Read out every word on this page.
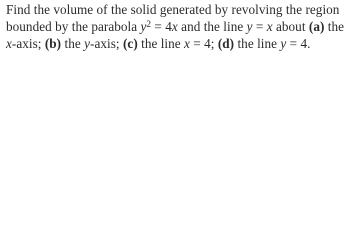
Find the volume of the solid generated by revolving the region
bounded by the parabola $y^2 = 4x$ and the line y = x about (a) the
x-axis; (b) the y-axis; (c) the line x = 4; (d) the line y = 4.
